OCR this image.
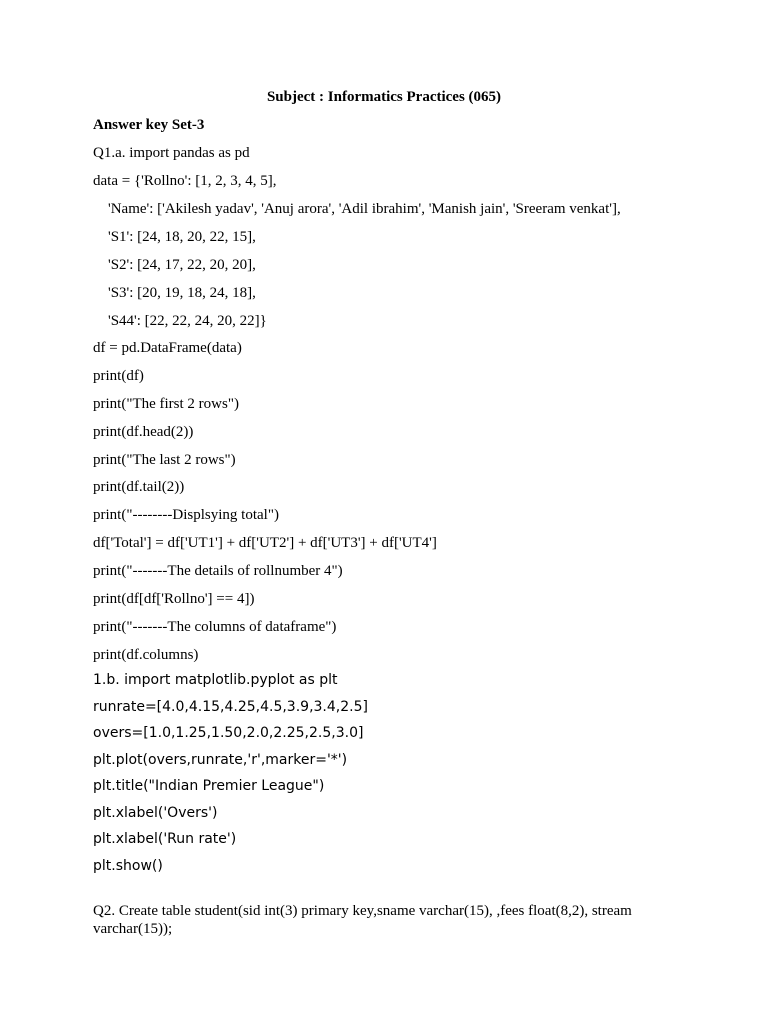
Subject : Informatics Practices (065)
Answer key Set-3
Q1.a. import pandas as pd
data = {'Rollno': [1, 2, 3, 4, 5],
'Name': ['Akilesh yadav', 'Anuj arora', 'Adil ibrahim', 'Manish jain', 'Sreeram venkat'],
'S1': [24, 18, 20, 22, 15],
'S2': [24, 17, 22, 20, 20],
'S3': [20, 19, 18, 24, 18],
'S44': [22, 22, 24, 20, 22]}
df = pd.DataFrame(data)
print(df)
print("The first 2 rows")
print(df.head(2))
print("The last 2 rows")
print(df.tail(2))
print("--------Displsying total")
df['Total'] = df['UT1'] + df['UT2'] + df['UT3'] + df['UT4']
print("-------The details of rollnumber 4")
print(df[df['Rollno'] == 4])
print("-------The columns of dataframe")
print(df.columns)
1.b. import matplotlib.pyplot as plt
runrate=[4.0,4.15,4.25,4.5,3.9,3.4,2.5]
overs=[1.0,1.25,1.50,2.0,2.25,2.5,3.0]
plt.plot(overs,runrate,'r',marker='*')
plt.title("Indian Premier League")
plt.xlabel('Overs')
plt.xlabel('Run rate')
plt.show()
Q2. Create table student(sid int(3) primary key,sname varchar(15), ,fees float(8,2), stream varchar(15));
